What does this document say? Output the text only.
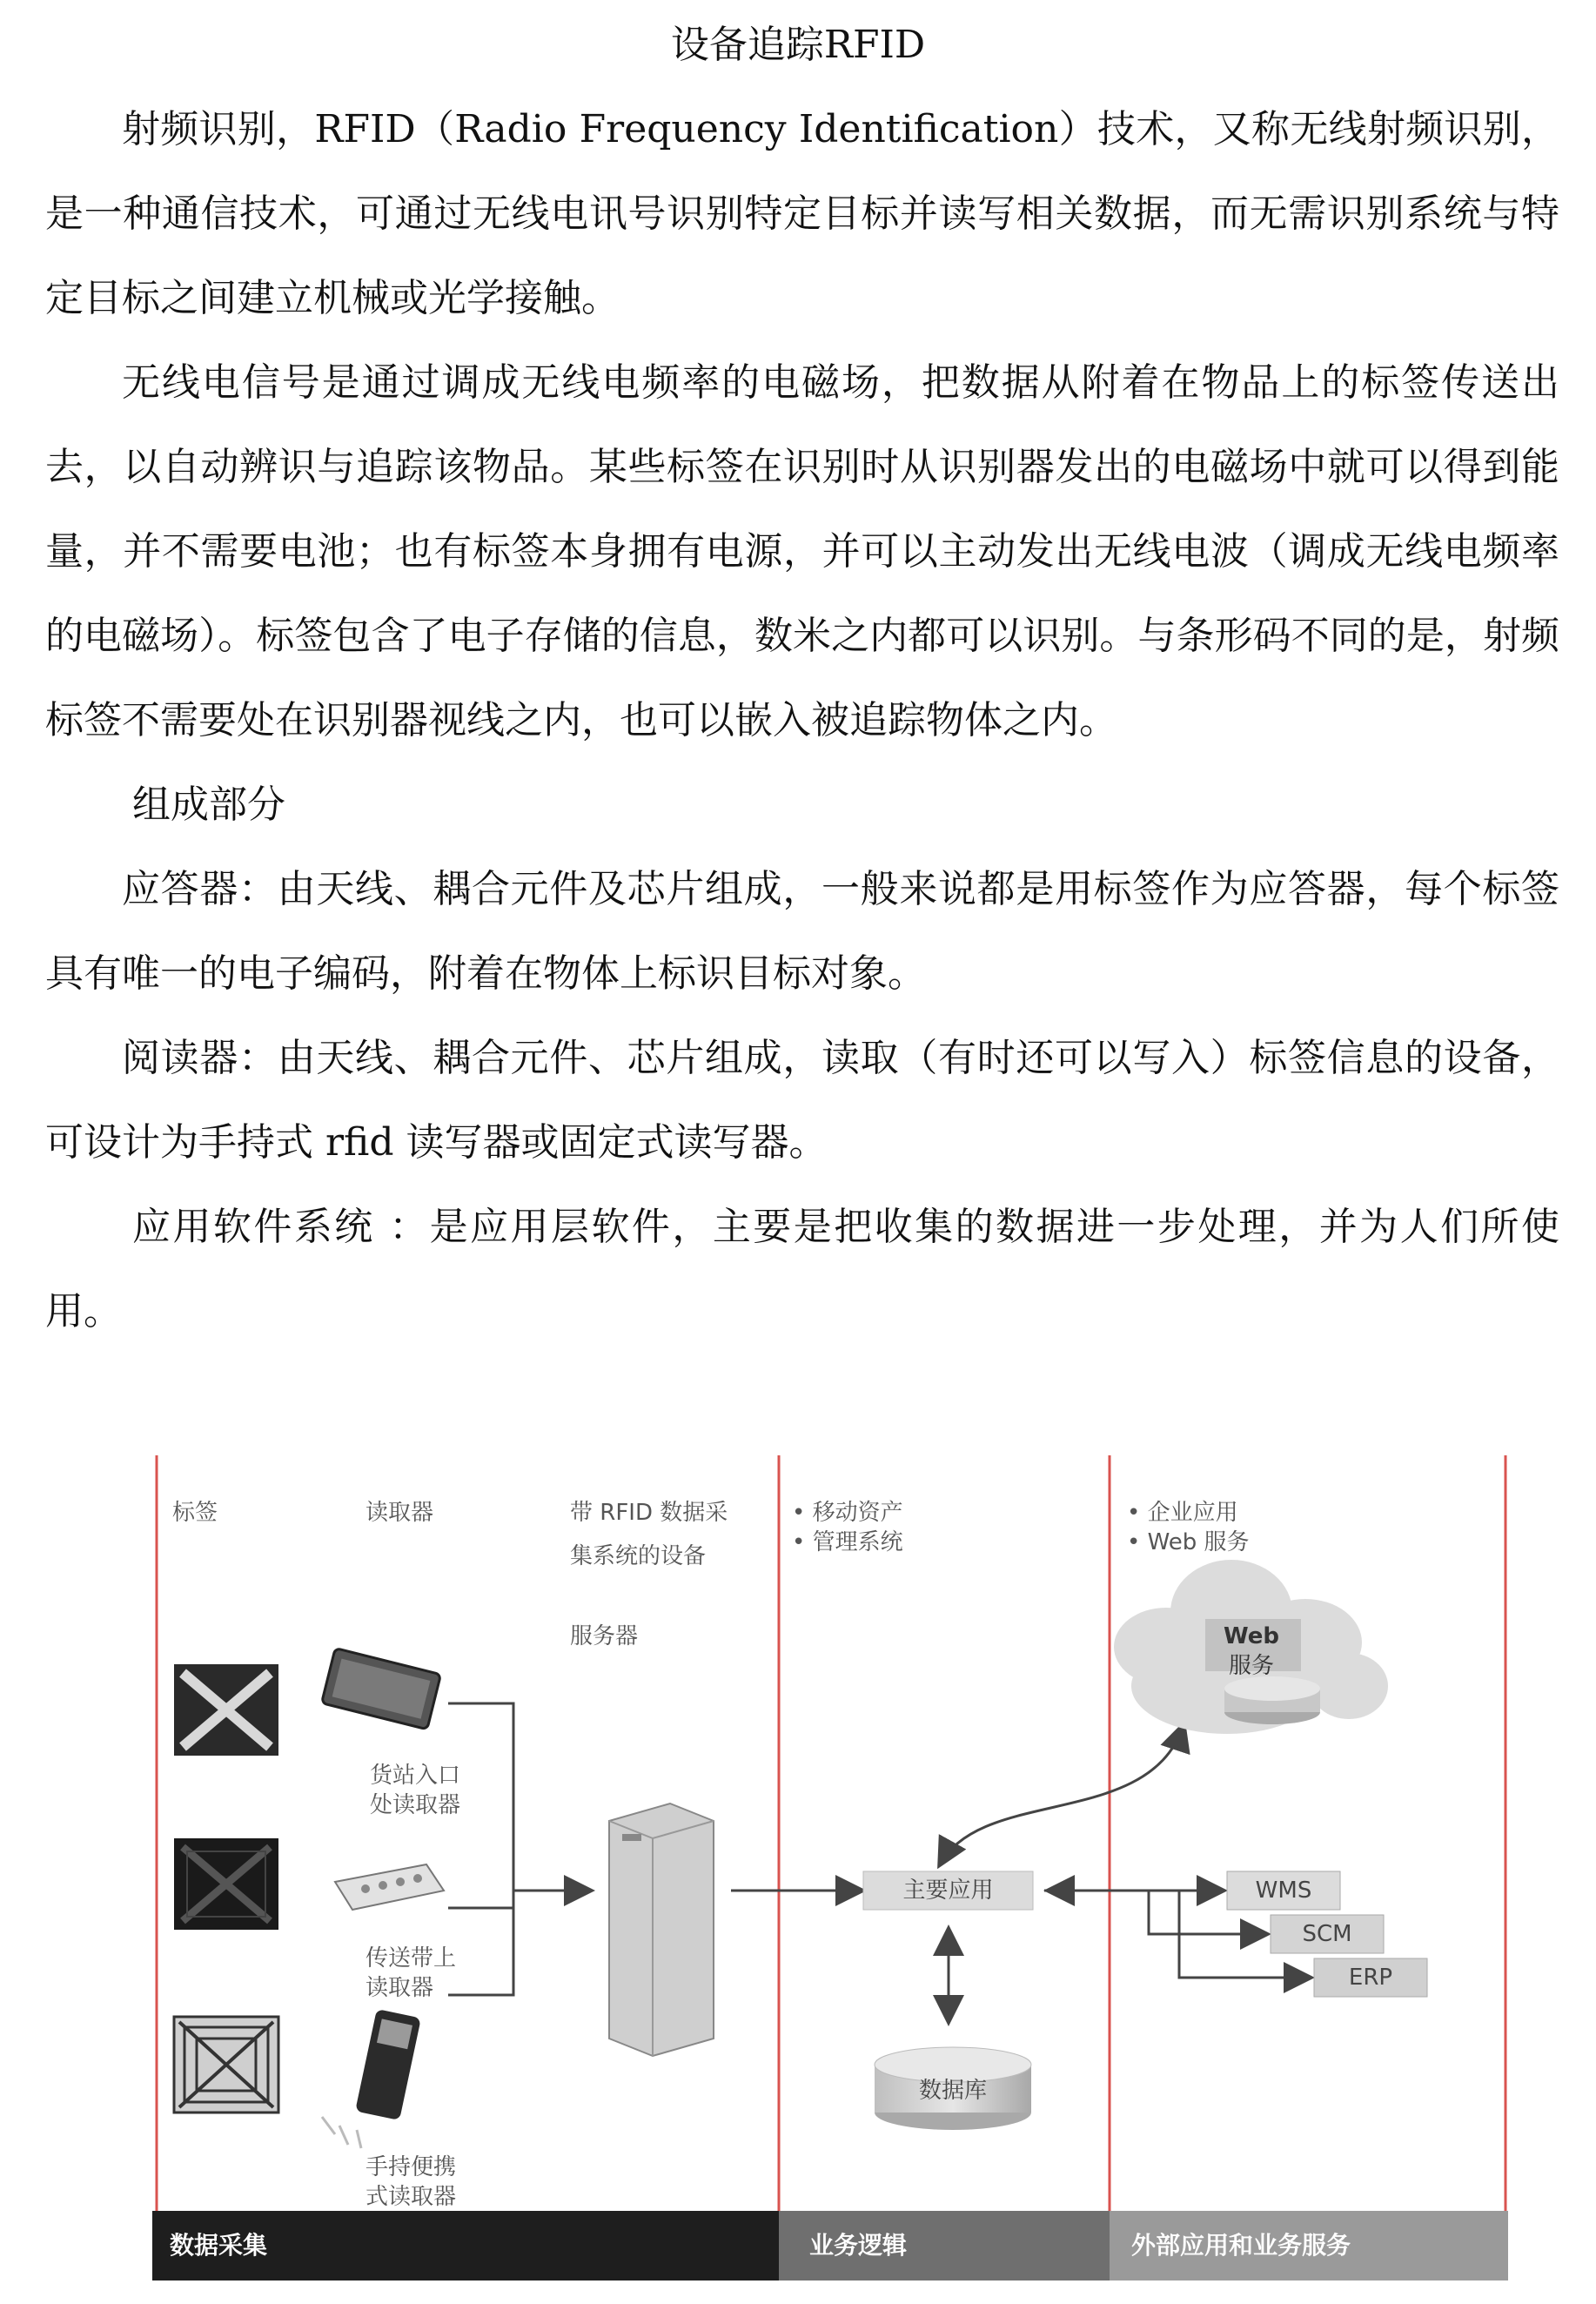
设备追踪RFID

射频识别，RFID（Radio Frequency Identification）技术，又称无线射频识别，是一种通信技术，可通过无线电讯号识别特定目标并读写相关数据，而无需识别系统与特定目标之间建立机械或光学接触。

无线电信号是通过调成无线电频率的电磁场，把数据从附着在物品上的标签传送出去，以自动辨识与追踪该物品。某些标签在识别时从识别器发出的电磁场中就可以得到能量，并不需要电池；也有标签本身拥有电源，并可以主动发出无线电波（调成无线电频率的电磁场）。标签包含了电子存储的信息，数米之内都可以识别。与条形码不同的是，射频标签不需要处在识别器视线之内，也可以嵌入被追踪物体之内。

组成部分

应答器：由天线、耦合元件及芯片组成，一般来说都是用标签作为应答器，每个标签具有唯一的电子编码，附着在物体上标识目标对象。

阅读器：由天线、耦合元件、芯片组成，读取（有时还可以写入）标签信息的设备，可设计为手持式 rfid 读写器或固定式读写器。

应用软件系统 ：是应用层软件，主要是把收集的数据进一步处理，并为人们所使用。

标签	读取器	带 RFID 数据采
集系统的设备
服务器
• 移动资产
• 管理系统
• 企业应用
• Web 服务
Web
服务
货站入口
处读取器
传送带上
读取器
手持便携
式读取器
主要应用
数据库
WMS
SCM
ERP
数据采集	业务逻辑	外部应用和业务服务
